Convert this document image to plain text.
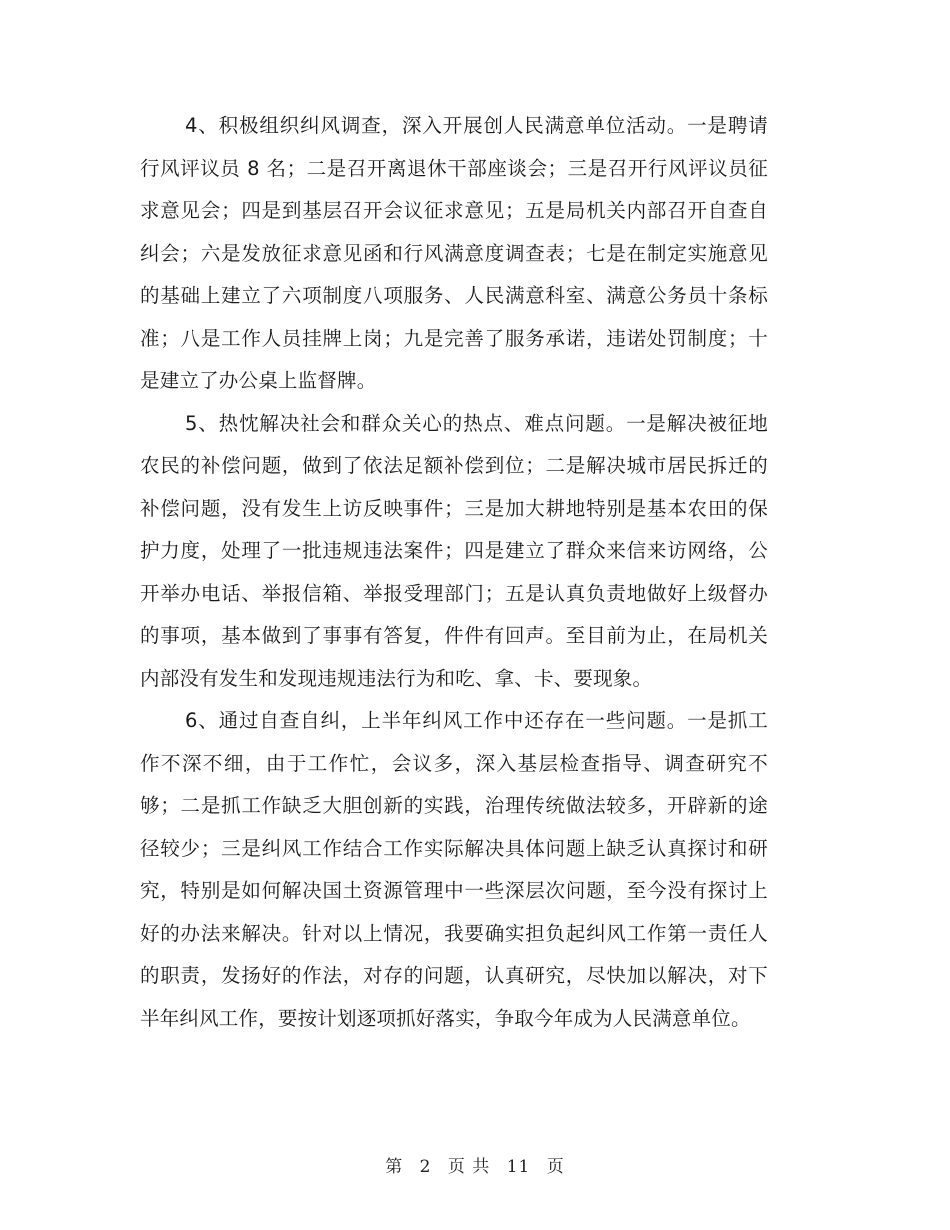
4、积极组织纠风调查，深入开展创人民满意单位活动。一是聘请行风评议员 8 名；二是召开离退休干部座谈会；三是召开行风评议员征求意见会；四是到基层召开会议征求意见；五是局机关内部召开自查自纠会；六是发放征求意见函和行风满意度调查表；七是在制定实施意见的基础上建立了六项制度八项服务、人民满意科室、满意公务员十条标准；八是工作人员挂牌上岗；九是完善了服务承诺，违诺处罚制度；十是建立了办公桌上监督牌。

5、热忱解决社会和群众关心的热点、难点问题。一是解决被征地农民的补偿问题，做到了依法足额补偿到位；二是解决城市居民拆迁的补偿问题，没有发生上访反映事件；三是加大耕地特别是基本农田的保护力度，处理了一批违规违法案件；四是建立了群众来信来访网络，公开举办电话、举报信箱、举报受理部门；五是认真负责地做好上级督办的事项，基本做到了事事有答复，件件有回声。至目前为止，在局机关内部没有发生和发现违规违法行为和吃、拿、卡、要现象。

6、通过自查自纠，上半年纠风工作中还存在一些问题。一是抓工作不深不细，由于工作忙，会议多，深入基层检查指导、调查研究不够；二是抓工作缺乏大胆创新的实践，治理传统做法较多，开辟新的途径较少；三是纠风工作结合工作实际解决具体问题上缺乏认真探讨和研究，特别是如何解决国土资源管理中一些深层次问题，至今没有探讨上好的办法来解决。针对以上情况，我要确实担负起纠风工作第一责任人的职责，发扬好的作法，对存的问题，认真研究，尽快加以解决，对下半年纠风工作，要按计划逐项抓好落实，争取今年成为人民满意单位。

第 2 页 共 11 页
